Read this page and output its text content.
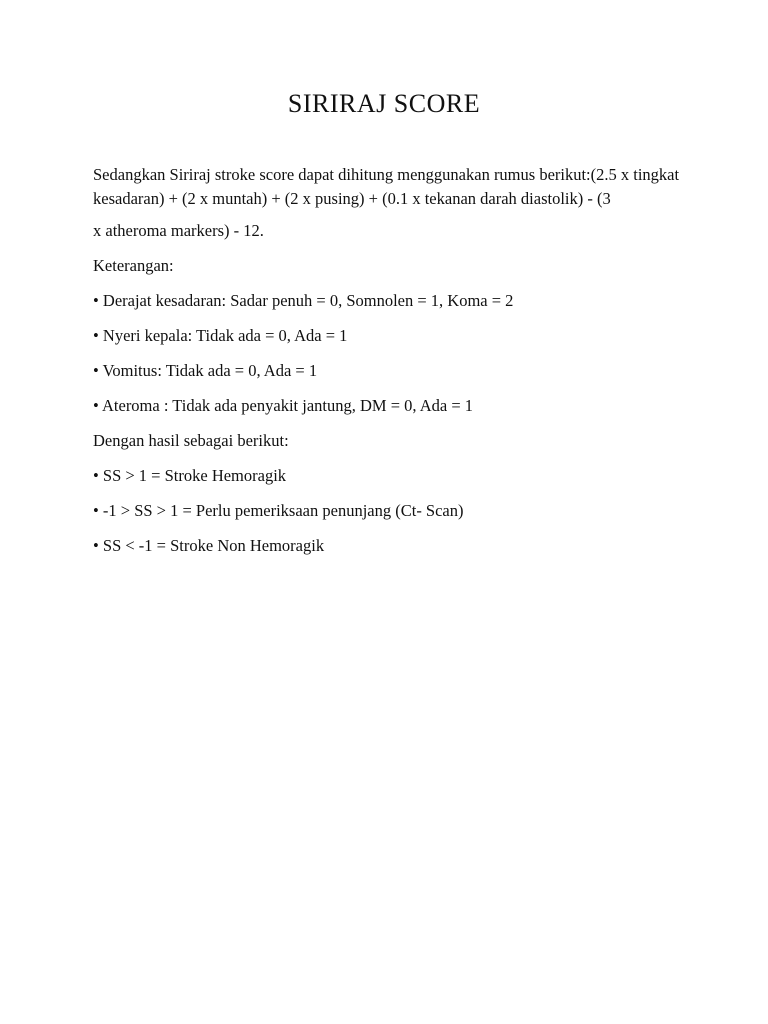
SIRIRAJ SCORE

Sedangkan Siriraj stroke score dapat dihitung menggunakan rumus berikut:(2.5 x tingkat kesadaran) + (2 x muntah) + (2 x pusing) + (0.1 x tekanan darah diastolik) - (3

x atheroma markers) - 12.

Keterangan:

• Derajat kesadaran: Sadar penuh = 0, Somnolen = 1, Koma = 2

• Nyeri kepala: Tidak ada = 0, Ada = 1

• Vomitus: Tidak ada = 0, Ada = 1

• Ateroma : Tidak ada penyakit jantung, DM = 0, Ada = 1

Dengan hasil sebagai berikut:

• SS > 1 = Stroke Hemoragik

• -1 > SS > 1 = Perlu pemeriksaan penunjang (Ct- Scan)

• SS < -1 = Stroke Non Hemoragik
